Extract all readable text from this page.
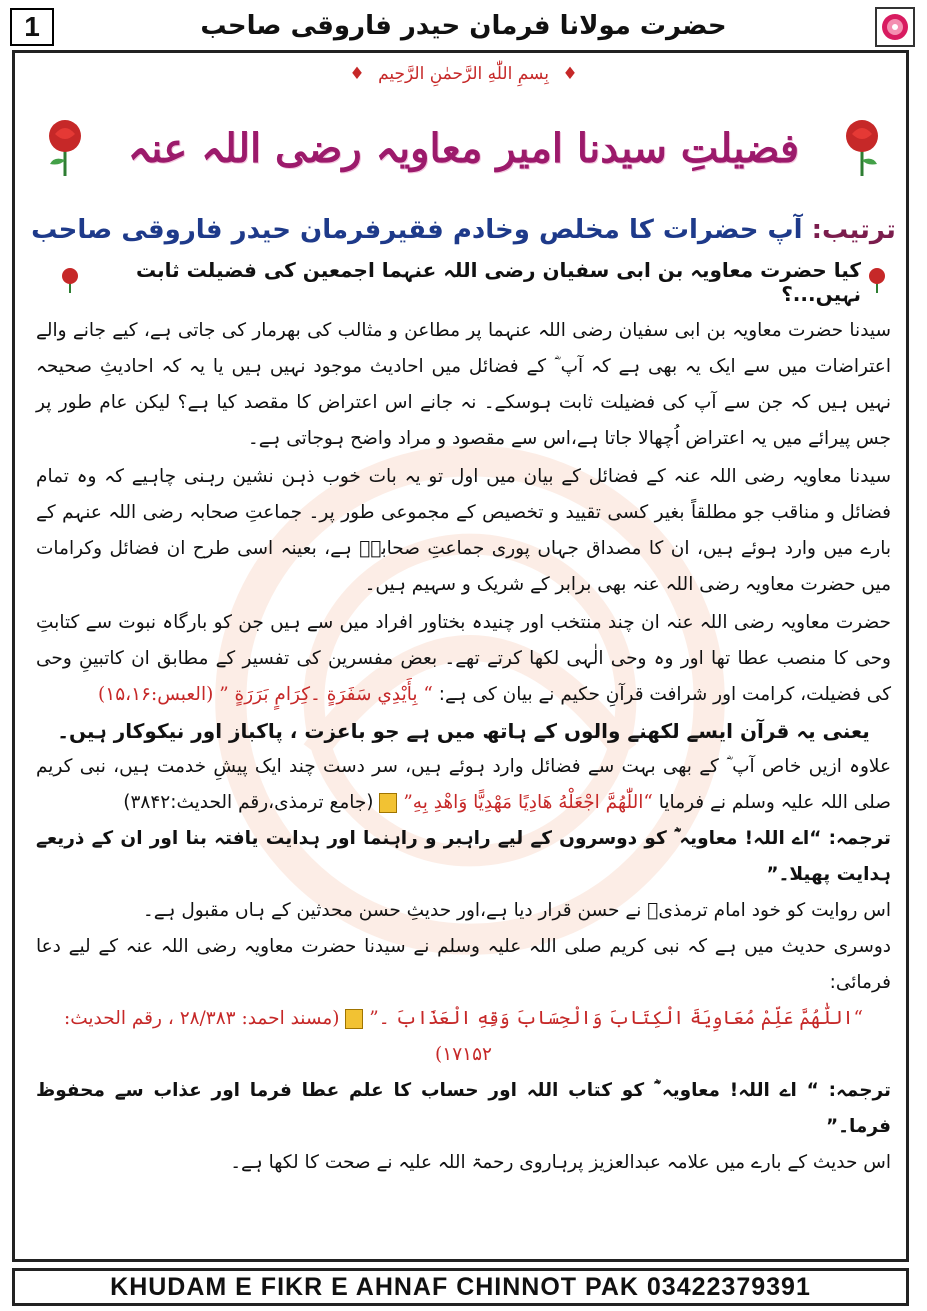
1	حضرت مولانا فرمان حیدر فاروقی صاحب
♦ بِسمِ اللّٰهِ الرَّحمٰنِ الرَّحِيم ♦
فضیلتِ سیدنا امیر معاویہ رضی اللہ عنہ
ترتیب: آپ حضرات کا مخلص وخادم فقیرفرمان حیدر فاروقی صاحب
کیا حضرت معاویہ بن ابی سفیان رضی اللہ عنہما اجمعین کی فضیلت ثابت نہیں...؟

سیدنا حضرت معاویہ بن ابی سفیان رضی اللہ عنہما پر مطاعن و مثالب کی بھرمار کی جاتی ہے، کیے جانے والے اعتراضات میں سے ایک یہ بھی ہے کہ آپ ؓ کے فضائل میں احادیث موجود نہیں ہیں یا یہ کہ احادیثِ صحیحہ نہیں ہیں کہ جن سے آپ کی فضیلت ثابت ہوسکے۔ نہ جانے اس اعتراض کا مقصد کیا ہے؟ لیکن عام طور پر جس پیرائے میں یہ اعتراض اُچھالا جاتا ہے،اس سے مقصود و مراد واضح ہوجاتی ہے۔

سیدنا معاویہ رضی اللہ عنہ کے فضائل کے بیان میں اول تو یہ بات خوب ذہن نشین رہنی چاہیے کہ وہ تمام فضائل و مناقب جو مطلقاً بغیر کسی تقیید و تخصیص کے مجموعی طور پر۔ جماعتِ صحابہ رضی اللہ عنہم کے بارے میں وارد ہوئے ہیں، ان کا مصداق جہاں پوری جماعتِ صحابہؓ ہے، بعینہ اسی طرح ان فضائل وکرامات میں حضرت معاویہ رضی اللہ عنہ بھی برابر کے شریک و سہیم ہیں۔

حضرت معاویہ رضی اللہ عنہ ان چند منتخب اور چنیدہ بختاور افراد میں سے ہیں جن کو بارگاہ نبوت سے کتابتِ وحی کا منصب عطا تھا اور وہ وحی الٰہی لکھا کرتے تھے۔ بعض مفسرین کی تفسیر کے مطابق ان کاتبینِ وحی کی فضیلت، کرامت اور شرافت قرآنِ حکیم نے بیان کی ہے: “ بِأَيْدِي سَفَرَةٍ ۔كِرَامٍ بَرَرَةٍ ” (العبس:۱۵،۱۶)

یعنی یہ قرآن ایسے لکھنے والوں کے ہاتھ میں ہے جو باعزت ، پاکباز اور نیکوکار ہیں۔

علاوہ ازیں خاص آپ ؓ کے بھی بہت سے فضائل وارد ہوئے ہیں، سر دست چند ایک پیشِ خدمت ہیں، نبی کریم صلی اللہ علیہ وسلم نے فرمایا “اللّٰهُمَّ اجْعَلْهُ هَادِيًا مَهْدِيًّا وَاهْدِ بِهِ”  (جامع ترمذی،رقم الحدیث:۳۸۴۲)

ترجمہ: “اے اللہ! معاویہ ؓ کو دوسروں کے لیے راہبر و راہنما اور ہدایت یافتہ بنا اور ان کے ذریعے ہدایت پھیلا۔”

اس روایت کو خود امام ترمذیؒ نے حسن قرار دیا ہے،اور حدیثِ حسن محدثین کے ہاں مقبول ہے۔

دوسری حدیث میں ہے کہ نبی کریم صلی اللہ علیہ وسلم نے سیدنا حضرت معاویہ رضی اللہ عنہ کے لیے دعا فرمائی:

“اللّٰهُمَّ عَلِّمْ مُعَاوِيَةَ الْكِتَابَ وَالْحِسَابَ وَقِهِ الْعَذَابَ ۔”  (مسند احمد: ۲۸/۳۸۳ ، رقم الحدیث: ۱۷۱۵۲)

ترجمہ: “ اے اللہ! معاویہ ؓ کو کتاب اللہ اور حساب کا علم عطا فرما اور عذاب سے محفوظ فرما۔”

اس حدیث کے بارے میں علامہ عبدالعزیز پرہاروی رحمۃ اللہ علیہ نے صحت کا لکھا ہے۔

KHUDAM E FIKR E AHNAF CHINNOT PAK 03422379391
